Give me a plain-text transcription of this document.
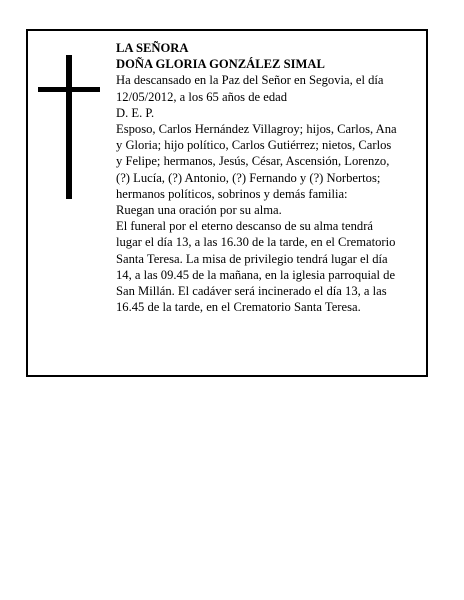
LA SEÑORA
DOÑA GLORIA GONZÁLEZ SIMAL
Ha descansado en la Paz del Señor en Segovia, el día
12/05/2012, a los 65 años de edad
D. E. P.
Esposo, Carlos Hernández Villagroy; hijos, Carlos, Ana
y Gloria; hijo político, Carlos Gutiérrez; nietos, Carlos
y Felipe; hermanos, Jesús, César, Ascensión, Lorenzo,
(?) Lucía, (?) Antonio, (?) Fernando y (?) Norbertos;
hermanos políticos, sobrinos y demás familia:
Ruegan una oración por su alma.
El funeral por el eterno descanso de su alma tendrá
lugar el día 13, a las 16.30 de la tarde, en el Crematorio
Santa Teresa. La misa de privilegio tendrá lugar el día
14, a las 09.45 de la mañana, en la iglesia parroquial de
San Millán. El cadáver será incinerado el día 13, a las
16.45 de la tarde, en el Crematorio Santa Teresa.
